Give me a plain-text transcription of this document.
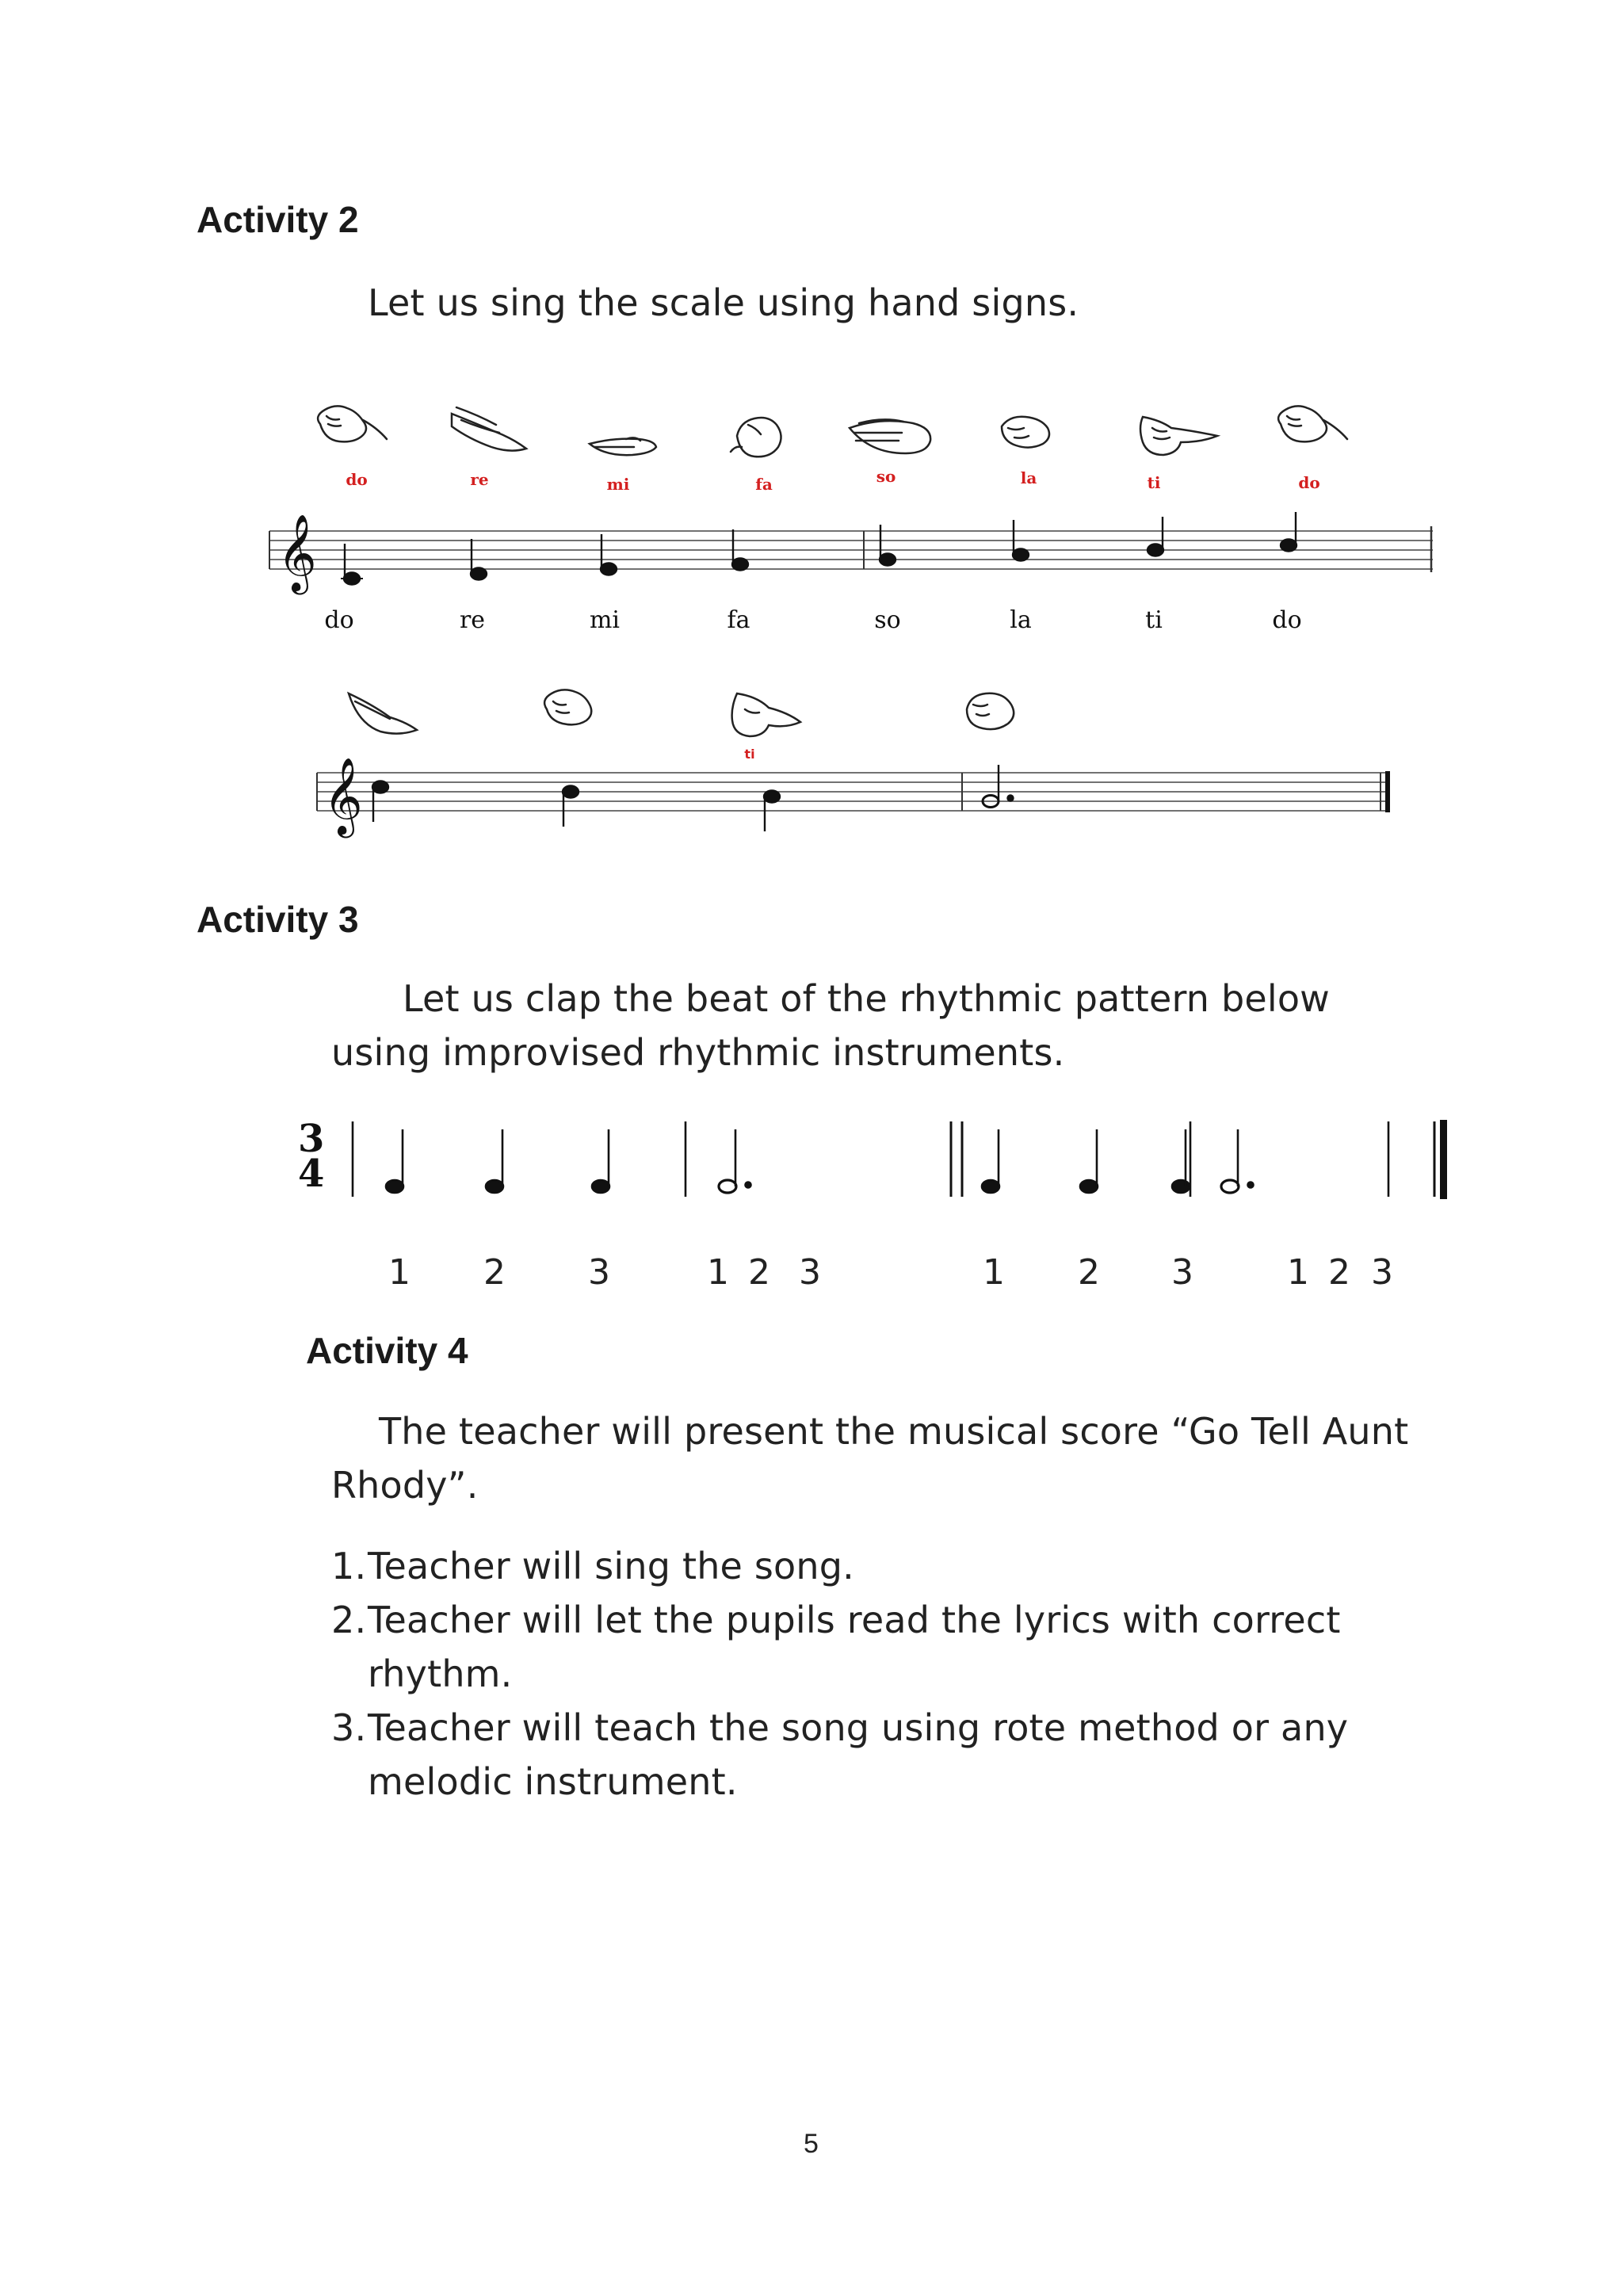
Activity 2
Let us sing the scale using hand signs.
do	re	mi	fa	so	la	ti	do
𝄞
do	re	mi	fa	so	la	ti	do
ti
𝄞
Activity 3
Let us clap the beat of the rhythmic pattern below
using improvised rhythmic instruments.
3
4
1 2 3	1 2 3	1 2 3	1 2 3
Activity 4
The teacher will present the musical score “Go Tell Aunt
Rhody”.
1. Teacher will sing the song.
2. Teacher will let the pupils read the lyrics with correct
rhythm.
3. Teacher will teach the song using rote method or any
melodic instrument.
5
